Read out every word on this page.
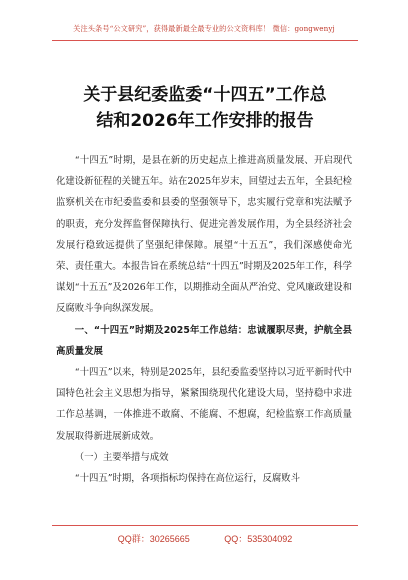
关注头条号“公文研究”，获得最新最全最专业的公文资料库！ 微信：gongwenyj
关于县纪委监委“十四五”工作总
结和2026年工作安排的报告

“十四五”时期，是县在新的历史起点上推进高质量发展、开启现代化建设新征程的关键五年。站在2025年岁末，回望过去五年，全县纪检监察机关在市纪委监委和县委的坚强领导下，忠实履行党章和宪法赋予的职责，充分发挥监督保障执行、促进完善发展作用，为全县经济社会发展行稳致远提供了坚强纪律保障。展望“十五五”，我们深感使命光荣、责任重大。本报告旨在系统总结“十四五”时期及2025年工作，科学谋划“十五五”及2026年工作，以期推动全面从严治党、党风廉政建设和反腐败斗争向纵深发展。

一、“十四五”时期及2025年工作总结：忠诚履职尽责，护航全县高质量发展

“十四五”以来，特别是2025年，县纪委监委坚持以习近平新时代中国特色社会主义思想为指导，紧紧围绕现代化建设大局，坚持稳中求进工作总基调，一体推进不敢腐、不能腐、不想腐，纪检监察工作高质量发展取得新进展新成效。

（一）主要举措与成效

“十四五”时期，各项指标均保持在高位运行，反腐败斗

QQ群：30265665	QQ：535304092
